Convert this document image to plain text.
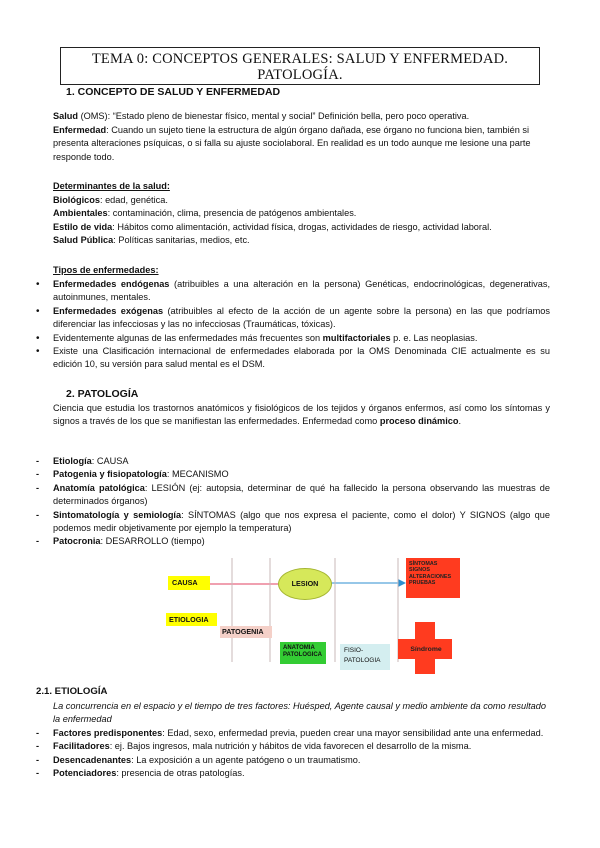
TEMA 0: CONCEPTOS GENERALES: SALUD Y ENFERMEDAD. PATOLOGÍA.
1. CONCEPTO DE SALUD Y ENFERMEDAD
Salud (OMS): “Estado pleno de bienestar físico, mental y social” Definición bella, pero poco operativa.
Enfermedad: Cuando un sujeto tiene la estructura de algún órgano dañada, ese órgano no funciona bien, también si presenta alteraciones psíquicas, o si falla su ajuste sociolaboral. En realidad es un todo aunque me lesione una parte responde todo.
Determinantes de la salud:
Biológicos: edad, genética.
Ambientales: contaminación, clima, presencia de patógenos ambientales.
Estilo de vida: Hábitos como alimentación, actividad física, drogas, actividades de riesgo, actividad laboral.
Salud Pública: Políticas sanitarias, medios, etc.
Tipos de enfermedades:
• Enfermedades endógenas (atribuibles a una alteración en la persona) Genéticas, endocrinológicas, degenerativas, autoinmunes, mentales.
• Enfermedades exógenas (atribuibles al efecto de la acción de un agente sobre la persona) en las que podríamos diferenciar las infecciosas y las no infecciosas (Traumáticas, tóxicas).
• Evidentemente algunas de las enfermedades más frecuentes son multifactoriales p. e. Las neoplasias.
• Existe una Clasificación internacional de enfermedades elaborada por la OMS Denominada CIE actualmente es su edición 10, su versión para salud mental es el DSM.
2. PATOLOGÍA
Ciencia que estudia los trastornos anatómicos y fisiológicos de los tejidos y órganos enfermos, así como los síntomas y signos a través de los que se manifiestan las enfermedades. Enfermedad como proceso dinámico.
- Etiología: CAUSA
- Patogenia y fisiopatología: MECANISMO
- Anatomía patológica: LESIÓN (ej: autopsia, determinar de qué ha fallecido la persona observando las muestras de determinados órganos)
- Sintomatología y semiología: SÍNTOMAS (algo que nos expresa el paciente, como el dolor) Y SIGNOS (algo que podemos medir objetivamente por ejemplo la temperatura)
- Patocronia: DESARROLLO (tiempo)
CAUSA	LESION
SÍNTOMAS
SIGNOS
ALTERACIONES
PRUEBAS
ETIOLOGIA
PATOGENIA
ANATOMIA
PATOLOGICA
FISIO-
PATOLOGIA
Síndrome
2.1. ETIOLOGÍA
La concurrencia en el espacio y el tiempo de tres factores: Huésped, Agente causal y medio ambiente da como resultado la enfermedad
- Factores predisponentes: Edad, sexo, enfermedad previa, pueden crear una mayor sensibilidad ante una enfermedad.
- Facilitadores: ej. Bajos ingresos, mala nutrición y hábitos de vida favorecen el desarrollo de la misma.
- Desencadenantes: La exposición a un agente patógeno o un traumatismo.
- Potenciadores: presencia de otras patologías.
